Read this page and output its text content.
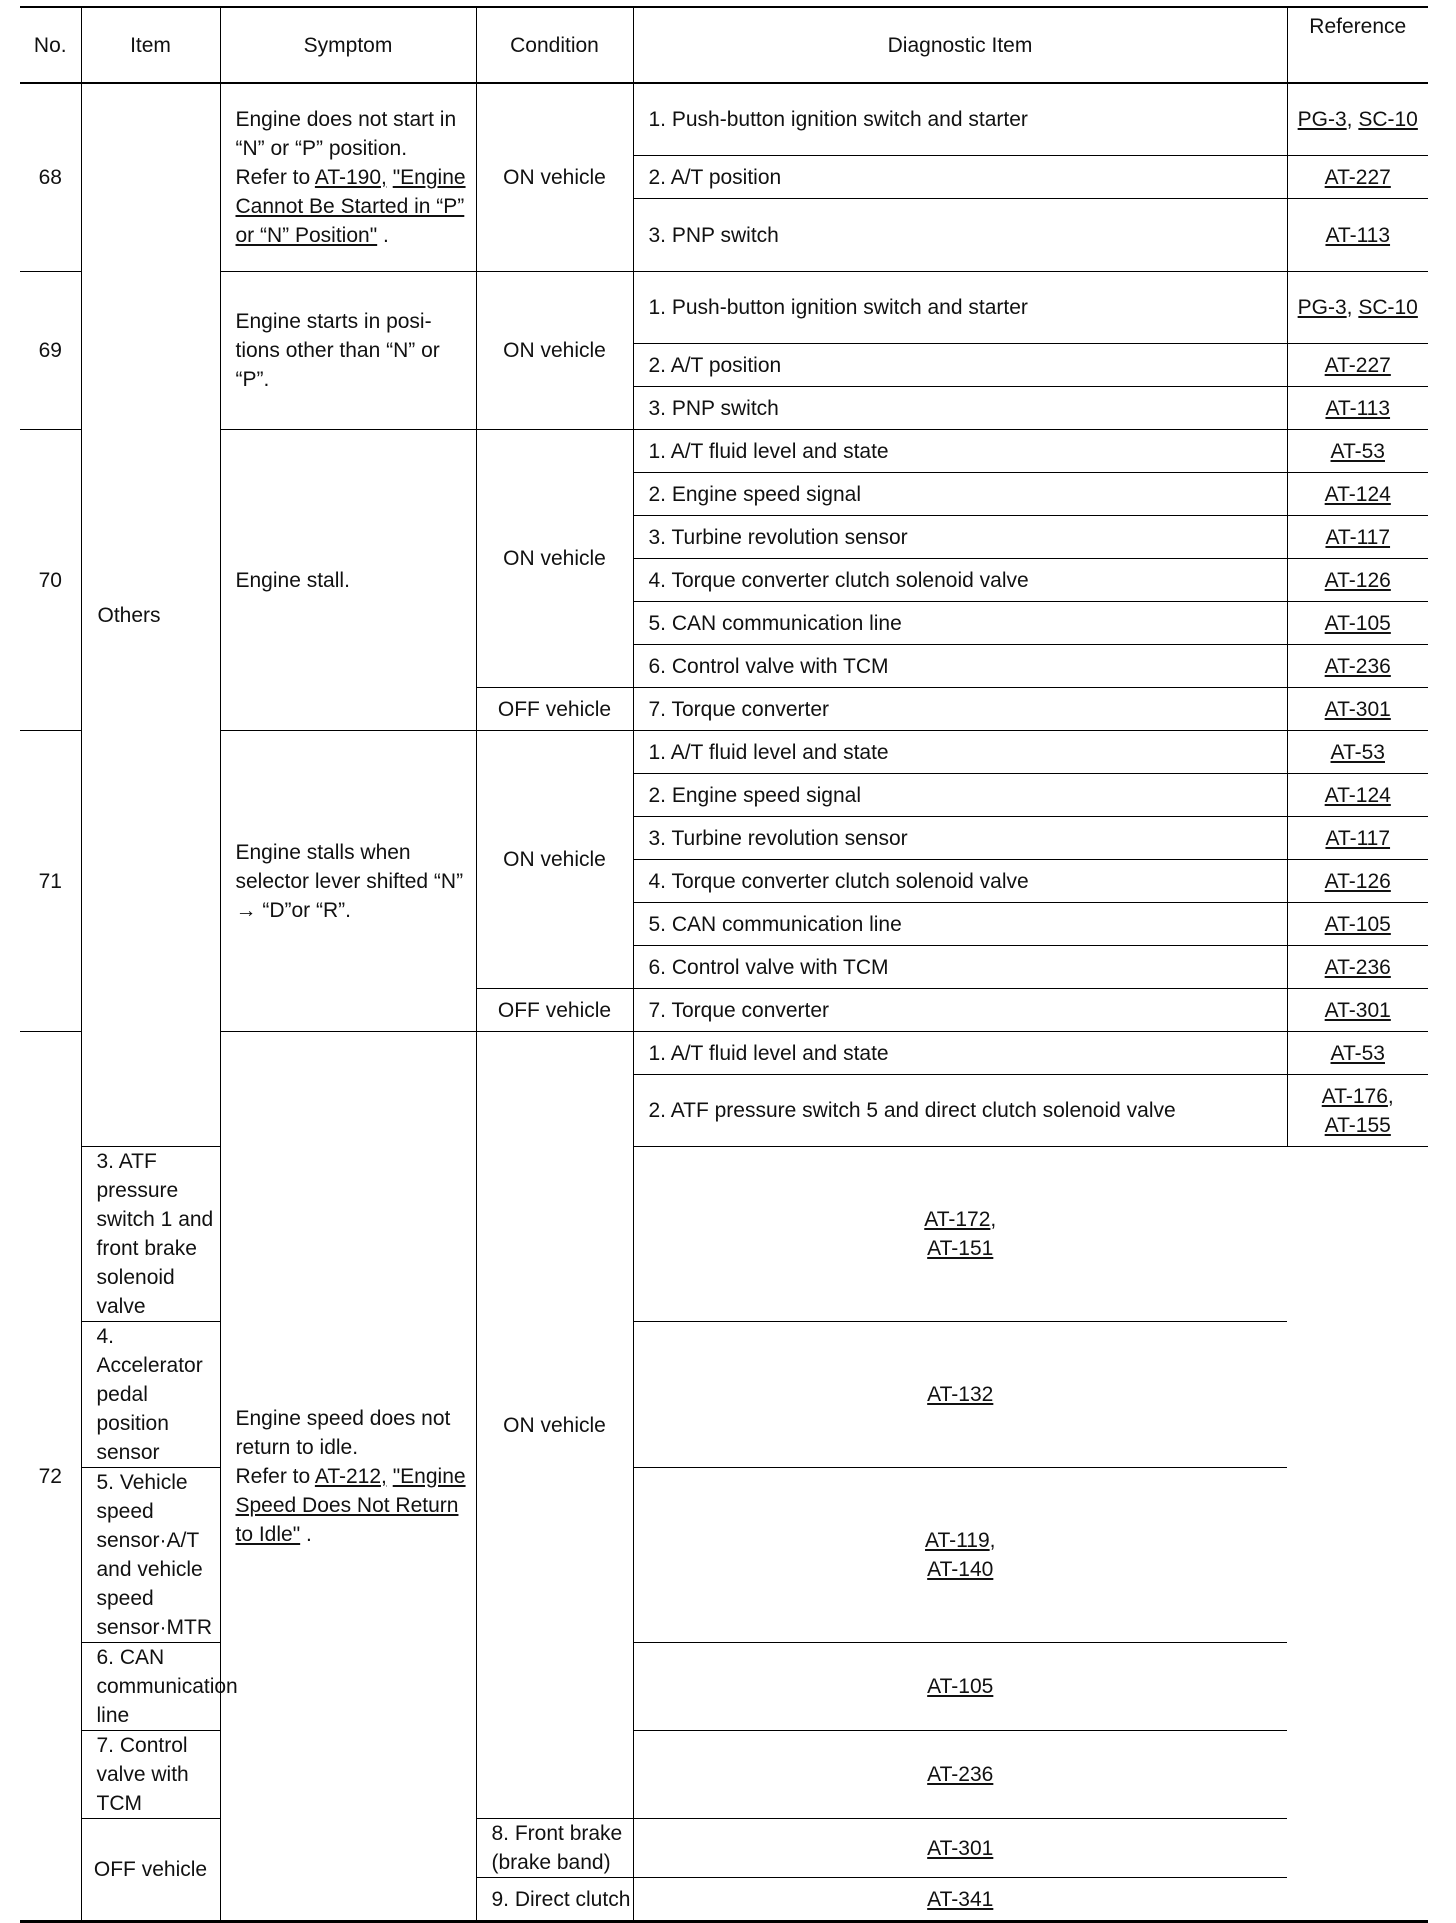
No.	Item	Symptom	Condition	Diagnostic Item	Reference
68	Others	Engine does not start in “N” or “P” position.
Refer to AT-190, "Engine Cannot Be Started in “P” or “N” Position" .	ON vehicle	1. Push-button ignition switch and starter	PG-3, SC-10
				2. A/T position	AT-227
				3. PNP switch	AT-113
69		Engine starts in posi-tions other than “N” or “P”.	ON vehicle	1. Push-button ignition switch and starter	PG-3, SC-10
				2. A/T position	AT-227
				3. PNP switch	AT-113
70		Engine stall.	ON vehicle	1. A/T fluid level and state	AT-53
				2. Engine speed signal	AT-124
				3. Turbine revolution sensor	AT-117
				4. Torque converter clutch solenoid valve	AT-126
				5. CAN communication line	AT-105
				6. Control valve with TCM	AT-236
			OFF vehicle	7. Torque converter	AT-301
71		Engine stalls when selector lever shifted “N” → “D”or “R”.	ON vehicle	1. A/T fluid level and state	AT-53
				2. Engine speed signal	AT-124
				3. Turbine revolution sensor	AT-117
				4. Torque converter clutch solenoid valve	AT-126
				5. CAN communication line	AT-105
				6. Control valve with TCM	AT-236
			OFF vehicle	7. Torque converter	AT-301
72		Engine speed does not return to idle.
Refer to AT-212, "Engine Speed Does Not Return to Idle" .	ON vehicle	1. A/T fluid level and state	AT-53
				2. ATF pressure switch 5 and direct clutch solenoid valve	AT-176,
AT-155
	3. ATF pressure switch 1 and front brake solenoid valve			AT-172,
AT-151	
	4. Accelerator pedal position sensor			AT-132	
	5. Vehicle speed sensor·A/T and vehicle speed sensor·MTR			AT-119,
AT-140	
	6. CAN communication line			AT-105	
	7. Control valve with TCM			AT-236	
	OFF vehicle		8. Front brake (brake band)	AT-301	
			9. Direct clutch	AT-341	
